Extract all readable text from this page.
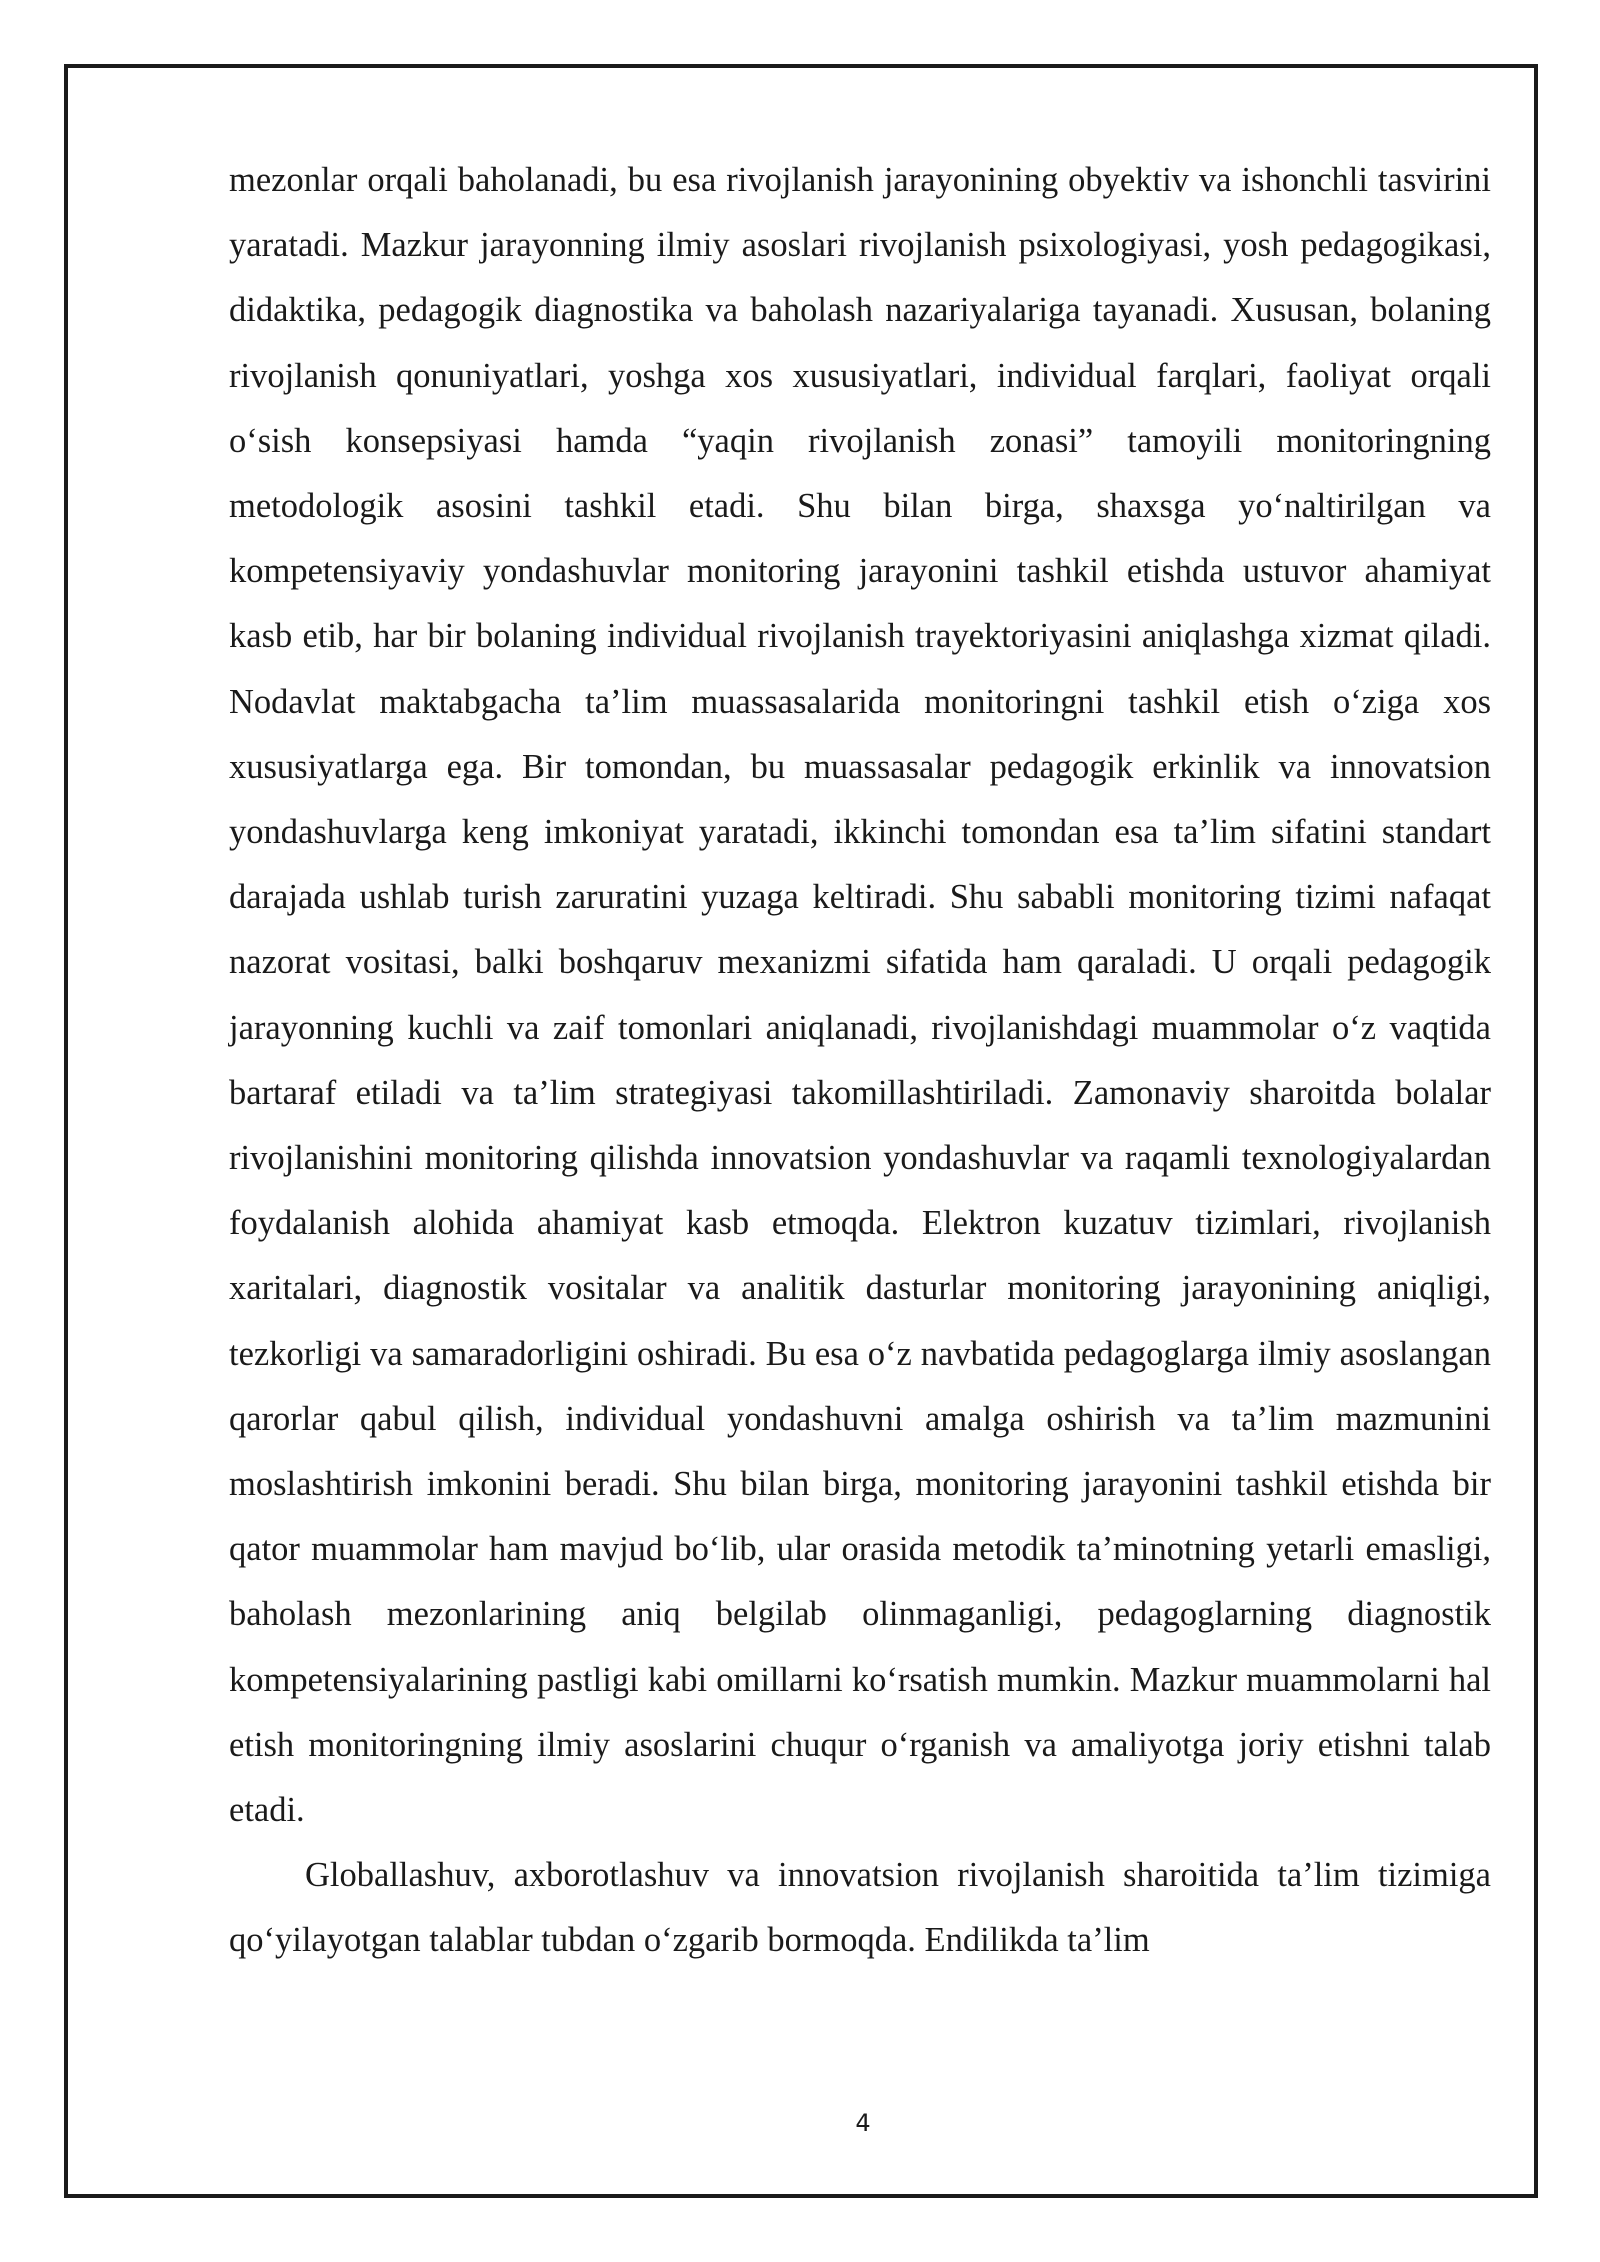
mezonlar orqali baholanadi, bu esa rivojlanish jarayonining obyektiv va ishonchli tasvirini yaratadi. Mazkur jarayonning ilmiy asoslari rivojlanish psixologiyasi, yosh pedagogikasi, didaktika, pedagogik diagnostika va baholash nazariyalariga tayanadi. Xususan, bolaning rivojlanish qonuniyatlari, yoshga xos xususiyatlari, individual farqlari, faoliyat orqali o‘sish konsepsiyasi hamda “yaqin rivojlanish zonasi” tamoyili monitoringning metodologik asosini tashkil etadi. Shu bilan birga, shaxsga yo‘naltirilgan va kompetensiyaviy yondashuvlar monitoring jarayonini tashkil etishda ustuvor ahamiyat kasb etib, har bir bolaning individual rivojlanish trayektoriyasini aniqlashga xizmat qiladi. Nodavlat maktabgacha ta’lim muassasalarida monitoringni tashkil etish o‘ziga xos xususiyatlarga ega. Bir tomondan, bu muassasalar pedagogik erkinlik va innovatsion yondashuvlarga keng imkoniyat yaratadi, ikkinchi tomondan esa ta’lim sifatini standart darajada ushlab turish zaruratini yuzaga keltiradi. Shu sababli monitoring tizimi nafaqat nazorat vositasi, balki boshqaruv mexanizmi sifatida ham qaraladi. U orqali pedagogik jarayonning kuchli va zaif tomonlari aniqlanadi, rivojlanishdagi muammolar o‘z vaqtida bartaraf etiladi va ta’lim strategiyasi takomillashtiriladi. Zamonaviy sharoitda bolalar rivojlanishini monitoring qilishda innovatsion yondashuvlar va raqamli texnologiyalardan foydalanish alohida ahamiyat kasb etmoqda. Elektron kuzatuv tizimlari, rivojlanish xaritalari, diagnostik vositalar va analitik dasturlar monitoring jarayonining aniqligi, tezkorligi va samaradorligini oshiradi. Bu esa o‘z navbatida pedagoglarga ilmiy asoslangan qarorlar qabul qilish, individual yondashuvni amalga oshirish va ta’lim mazmunini moslashtirish imkonini beradi. Shu bilan birga, monitoring jarayonini tashkil etishda bir qator muammolar ham mavjud bo‘lib, ular orasida metodik ta’minotning yetarli emasligi, baholash mezonlarining aniq belgilab olinmaganligi, pedagoglarning diagnostik kompetensiyalarining pastligi kabi omillarni ko‘rsatish mumkin. Mazkur muammolarni hal etish monitoringning ilmiy asoslarini chuqur o‘rganish va amaliyotga joriy etishni talab etadi.

Globallashuv, axborotlashuv va innovatsion rivojlanish sharoitida ta’lim tizimiga qo‘yilayotgan talablar tubdan o‘zgarib bormoqda. Endilikda ta’lim

4
